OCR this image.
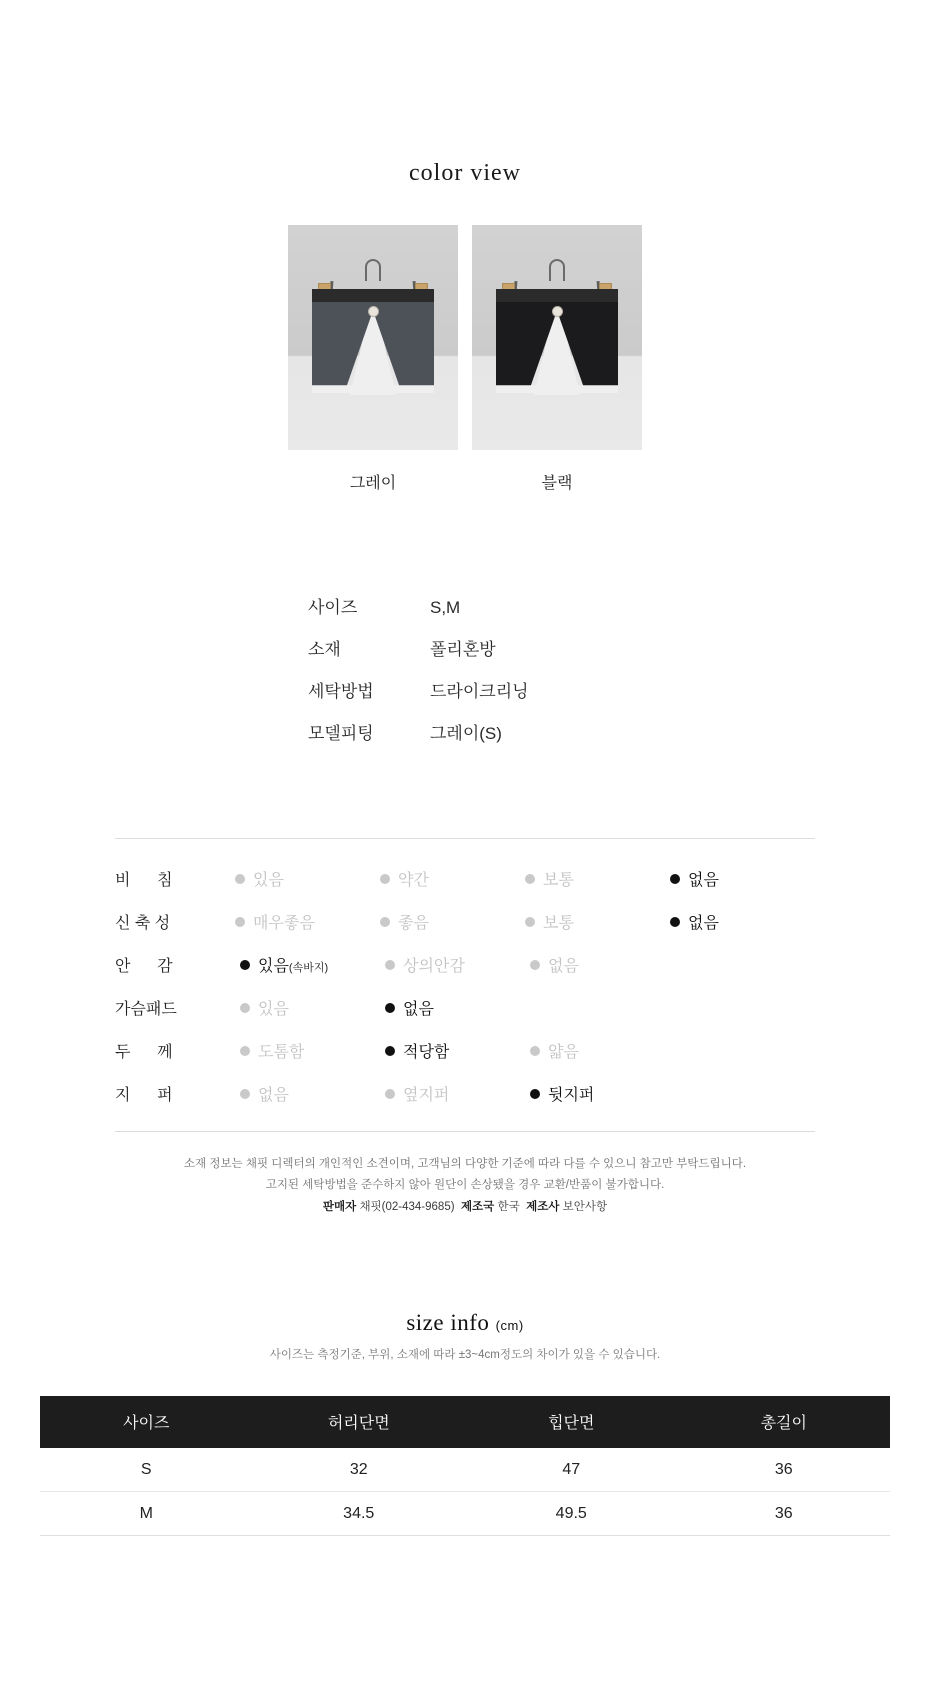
color view
그레이	블랙
사이즈	S,M
소재	폴리혼방
세탁방법	드라이크리닝
모델피팅	그레이(S)
비      침	있음	약간	보통	없음
신 축 성	매우좋음	좋음	보통	없음
안      감	있음 (속바지)	상의안감	없음
가슴패드	있음	없음
두      께	도톰함	적당함	얇음
지      퍼	없음	옆지퍼	뒷지퍼
소재 정보는 채핏 디렉터의 개인적인 소견이며, 고객님의 다양한 기준에 따라 다를 수 있으니 참고만 부탁드립니다.
고지된 세탁방법을 준수하지 않아 원단이 손상됐을 경우 교환/반품이 불가합니다.
판매자 채핏(02-434-9685) 제조국 한국 제조사 보안사항
size info (cm)
사이즈는 측정기준, 부위, 소재에 따라 ±3~4cm정도의 차이가 있을 수 있습니다.
사이즈	허리단면	힙단면	총길이
S	32	47	36
M	34.5	49.5	36
